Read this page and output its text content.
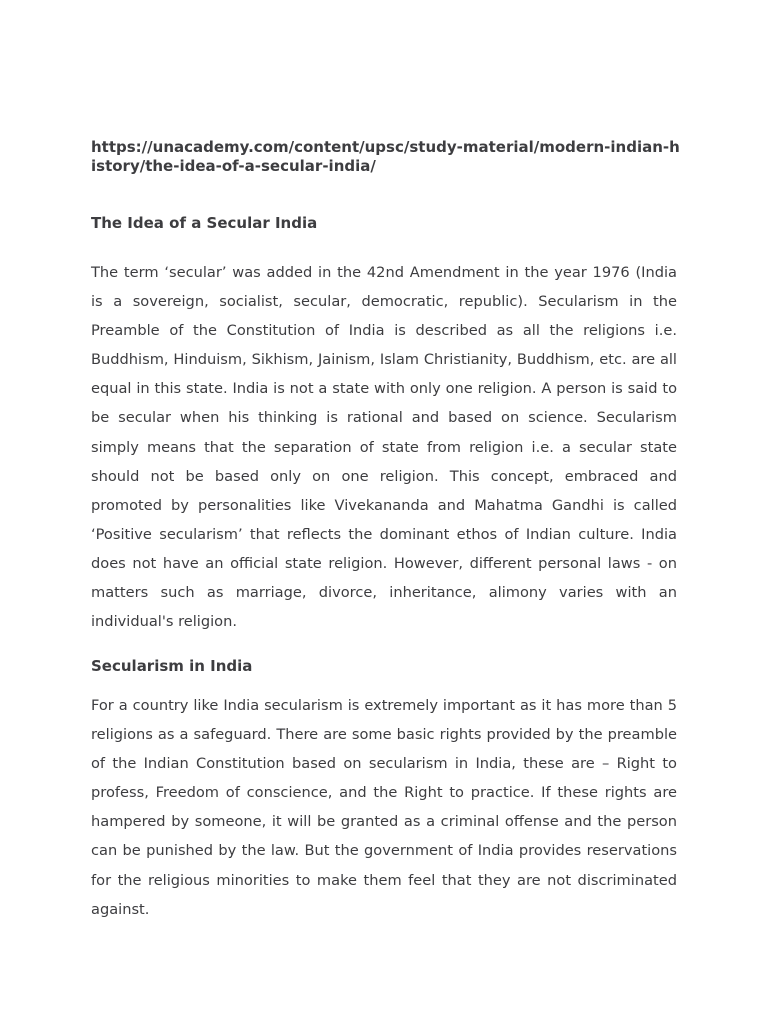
https://unacademy.com/content/upsc/study-material/modern-indian-history/the-idea-of-a-secular-india/
The Idea of a Secular India

The term ‘secular’ was added in the 42nd Amendment in the year 1976 (India is a sovereign, socialist, secular, democratic, republic). Secularism in the Preamble of the Constitution of India is described as all the religions i.e. Buddhism, Hinduism, Sikhism, Jainism, Islam Christianity, Buddhism, etc. are all equal in this state. India is not a state with only one religion. A person is said to be secular when his thinking is rational and based on science. Secularism simply means that the separation of state from religion i.e. a secular state should not be based only on one religion. This concept, embraced and promoted by personalities like Vivekananda and Mahatma Gandhi is called ‘Positive secularism’ that reflects the dominant ethos of Indian culture. India does not have an official state religion. However, different personal laws - on matters such as marriage, divorce, inheritance, alimony varies with an individual's religion.

Secularism in India

For a country like India secularism is extremely important as it has more than 5 religions as a safeguard. There are some basic rights provided by the preamble of the Indian Constitution based on secularism in India, these are – Right to profess, Freedom of conscience, and the Right to practice. If these rights are hampered by someone, it will be granted as a criminal offense and the person can be punished by the law. But the government of India provides reservations for the religious minorities to make them feel that they are not discriminated against.
